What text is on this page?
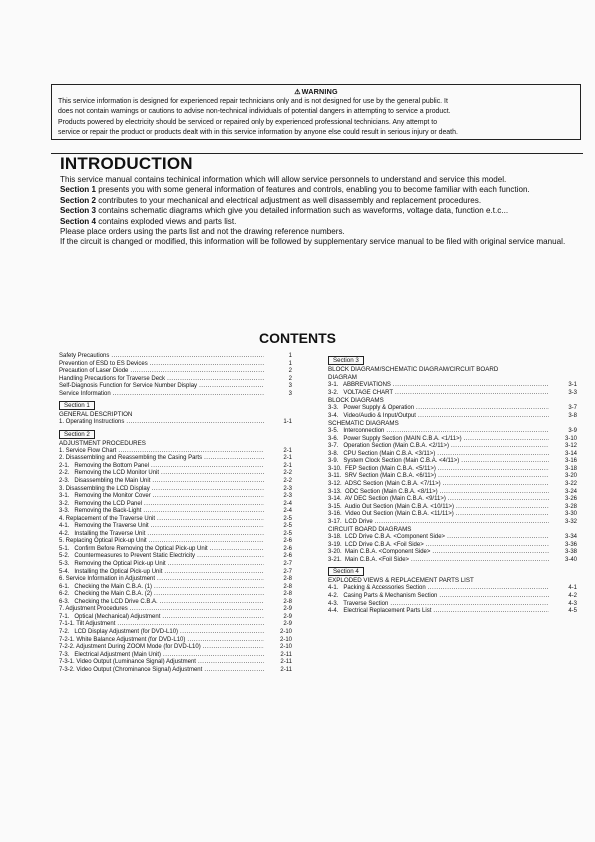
⚠WARNING
This service information is designed for experienced repair technicians only and is not designed for use by the general public. It
does not contain warnings or cautions to advise non-technical individuals of potential dangers in attempting to service a product.
Products powered by electricity should be serviced or repaired only by experienced professional technicians. Any attempt to
service or repair the product or products dealt with in this service information by anyone else could result in serious injury or death.
INTRODUCTION

This service manual contains techinical information which will allow service personnels to understand and service this model.

Section 1 presents you with some general information of features and controls, enabling you to become familiar with each function.

Section 2 contributes to your mechanical and electrical adjustment as well disassembly and replacement procedures.

Section 3 contains schematic diagrams which give you detailed information such as waveforms, voltage data, function e.t.c...

Section 4 contains exploded views and parts list.

Please place orders using the parts list and not the drawing reference numbers.

If the circuit is changed or modified, this information will be followed by supplementary service manual to be filed with original service manual.

CONTENTS
Safety Precautions .....	1
Prevention of ESD to ES Devices .....	1
Precaution of Laser Diode .....	2
Handling Precautions for Traverse Deck .....	2
Self-Diagnosis Function for Service Number Display .....	3
Service Information .....	3
Section 1
GENERAL DESCRIPTION
1. Operating Instructions .....	1-1
Section 2
ADJUSTMENT PROCEDURES
1. Service Flow Chart .....	2-1
2. Disassembling and Reassembling the Casing Parts .....	2-1
2-1.   Removing the Bottom Panel .....	2-1
2-2.   Removing the LCD Monitor Unit .....	2-2
2-3.   Disassembling the Main Unit .....	2-2
3. Disassembling the LCD Display .....	2-3
3-1.   Removing the Monitor Cover .....	2-3
3-2.   Removing the LCD Panel .....	2-4
3-3.   Removing the Back-Light .....	2-4
4. Replacement of the Traverse Unit .....	2-5
4-1.   Removing the Traverse Unit .....	2-5
4-2.   Installing the Traverse Unit .....	2-5
5. Replacing Optical Pick-up Unit .....	2-6
5-1.   Confirm Before Removing the Optical Pick-up Unit .....	2-6
5-2.   Countermeasures to Prevent Static Electricity .....	2-6
5-3.   Removing the Optical Pick-up Unit .....	2-7
5-4.   Installing the Optical Pick-up Unit .....	2-7
6. Service Information in Adjustment .....	2-8
6-1.   Checking the Main C.B.A. (1) .....	2-8
6-2.   Checking the Main C.B.A. (2) .....	2-8
6-3.   Checking the LCD Drive C.B.A. .....	2-8
7. Adjustment Procedures .....	2-9
7-1.   Optical (Mechanical) Adjustment .....	2-9
7-1-1. Tilt Adjustment .....	2-9
7-2.   LCD Display Adjustment (for DVD-L10) .....	2-10
7-2-1. White Balance Adjustment (for DVD-L10) .....	2-10
7-2-2. Adjustment During ZOOM Mode (for DVD-L10) .....	2-10
7-3.   Electrical Adjustment (Main Unit) .....	2-11
7-3-1. Video Output (Luminance Signal) Adjustment .....	2-11
7-3-2. Video Output (Chrominance Signal) Adjustment .....	2-11
Section 3
BLOCK DIAGRAM/SCHEMATIC DIAGRAM/CIRCUIT BOARD
DIAGRAM
3-1.   ABBREVIATIONS .....	3-1
3-2.   VOLTAGE CHART .....	3-3
BLOCK DIAGRAMS
3-3.   Power Supply & Operation .....	3-7
3-4.   Video/Audio & Input/Output .....	3-8
SCHEMATIC DIAGRAMS
3-5.   Interconnection .....	3-9
3-6.   Power Supply Section (MAIN C.B.A. <1/11>) .....	3-10
3-7.   Operation Section (Main C.B.A. <2/11>) .....	3-12
3-8.   CPU Section (Main C.B.A. <3/11>) .....	3-14
3-9.   System Clock Section (Main C.B.A. <4/11>) .....	3-16
3-10.  FEP Section (Main C.B.A. <5/11>) .....	3-18
3-11.  SRV Section (Main C.B.A. <6/11>) .....	3-20
3-12.  ADSC Section (Main C.B.A. <7/11>) .....	3-22
3-13.  ODC Section (Main C.B.A. <8/11>) .....	3-24
3-14.  AV DEC Section (Main C.B.A. <9/11>) .....	3-26
3-15.  Audio Out Section (Main C.B.A. <10/11>) .....	3-28
3-16.  Video Out Section (Main C.B.A. <11/11>) .....	3-30
3-17.  LCD Drive .....	3-32
CIRCUIT BOARD DIAGRAMS
3-18.  LCD Drive C.B.A. <Component Side> .....	3-34
3-19.  LCD Drive C.B.A. <Foil Side> .....	3-36
3-20.  Main C.B.A. <Component Side> .....	3-38
3-21.  Main C.B.A. <Foil Side> .....	3-40
Section 4
EXPLODED VIEWS & REPLACEMENT PARTS LIST
4-1.   Packing & Accessories Section .....	4-1
4-2.   Casing Parts & Mechanism Section .....	4-2
4-3.   Traverse Section .....	4-3
4-4.   Electrical Replacement Parts List .....	4-5
